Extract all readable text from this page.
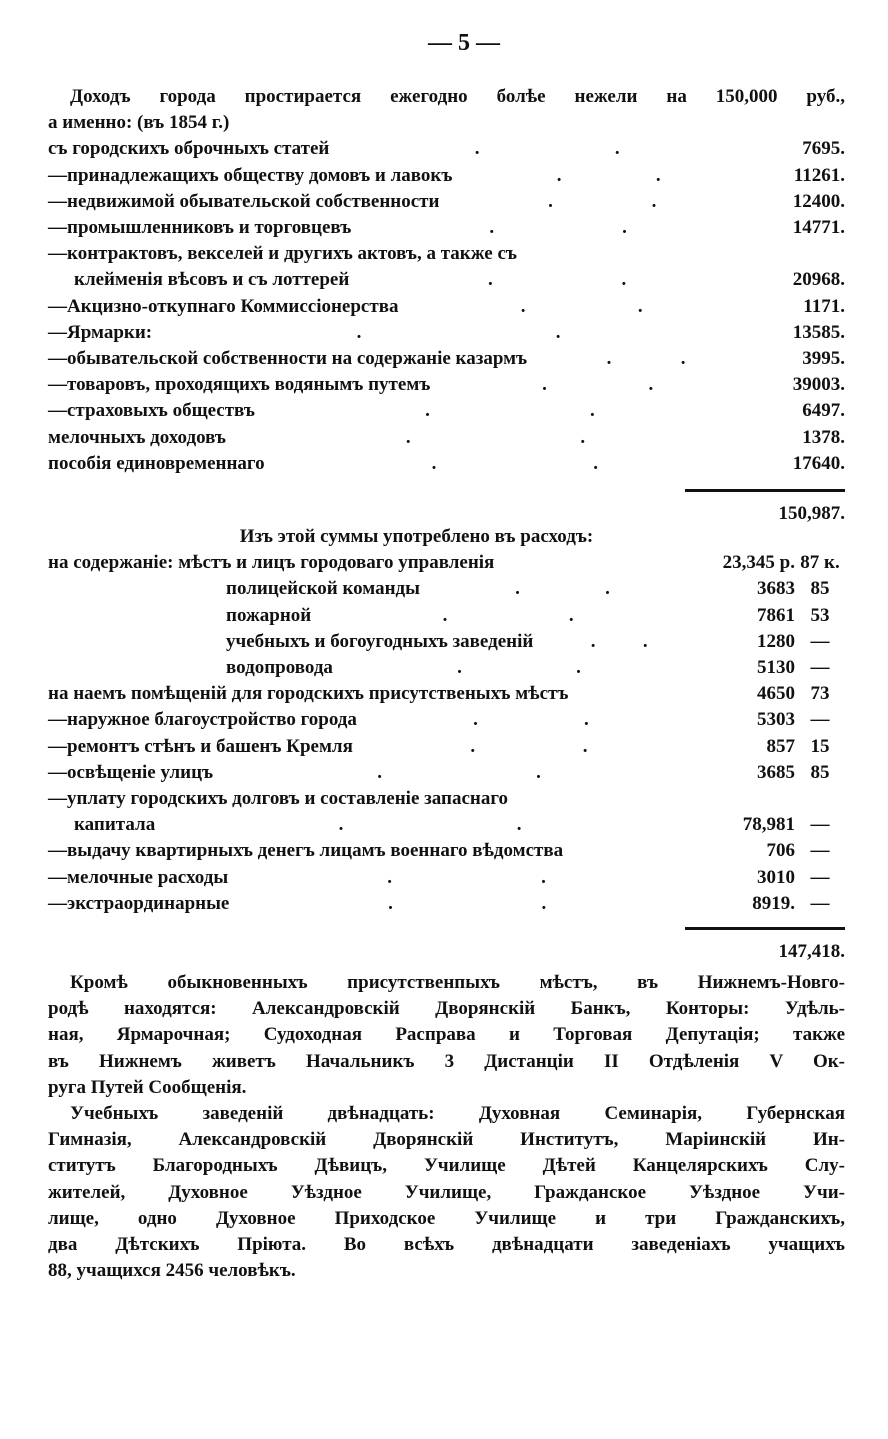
— 5 —
Доходъ города простирается ежегодно болѣе нежели на 150,000 руб.,
а именно: (въ 1854 г.)
съ городскихъ оброчныхъ статей . .	7695.
—принадлежащихъ обществу домовъ и лавокъ . .	11261.
—недвижимой обывательской собственности . .	12400.
—промышленниковъ и торговцевъ . .	14771.
—контрактовъ, векселей и другихъ актовъ, а также съ
клейменія вѣсовъ и съ лоттерей . .	20968.
—Акцизно-откупнаго Коммиссіонерства . .	1171.
—Ярмарки: . .	13585.
—обывательской собственности на содержаніе казармъ . .	3995.
—товаровъ, проходящихъ водянымъ путемъ . .	39003.
—страховыхъ обществъ . .	6497.
мелочныхъ доходовъ . .	1378.
пособія единовременнаго . .	17640.
150,987.
Изъ этой суммы употреблено въ расходъ:
на содержаніе: мѣстъ и лицъ городоваго управленія	23,345 р. 87 к.
полицейской команды . .	3683 85
пожарной . .	7861 53
учебныхъ и богоугодныхъ заведеній . .	1280 —
водопровода . .	5130 —
на наемъ помѣщеній для городскихъ присутственыхъ мѣстъ	4650 73
—наружное благоустройство города . .	5303 —
—ремонтъ стѣнъ и башенъ Кремля . .	857 15
—освѣщеніе улицъ . .	3685 85
—уплату городскихъ долговъ и составленіе запаснаго
капитала . .	78,981 —
—выдачу квартирныхъ денегъ лицамъ военнаго вѣдомства	706 —
—мелочные расходы . .	3010 —
—экстраординарные . .	8919. —
147,418.
Кромѣ обыкновенныхъ присутственпыхъ мѣстъ, въ Нижнемъ-Новго-
родѣ находятся: Александровскій Дворянскій Банкъ, Конторы: Удѣль-
ная, Ярмарочная; Судоходная Расправа и Торговая Депутація; также
въ Нижнемъ живетъ Начальникъ 3 Дистанціи II Отдѣленія V Ок-
руга Путей Сообщенія.
Учебныхъ заведеній двѣнадцать: Духовная Семинарія, Губернская
Гимназія, Александровскій Дворянскій Институтъ, Маріинскій Ин-
ститутъ Благородныхъ Дѣвицъ, Училище Дѣтей Канцелярскихъ Слу-
жителей, Духовное Уѣздное Училище, Гражданское Уѣздное Учи-
лище, одно Духовное Приходское Училище и три Гражданскихъ,
два Дѣтскихъ Пріюта. Во всѣхъ двѣнадцати заведеніахъ учащихъ
88, учащихся 2456 человѣкъ.
